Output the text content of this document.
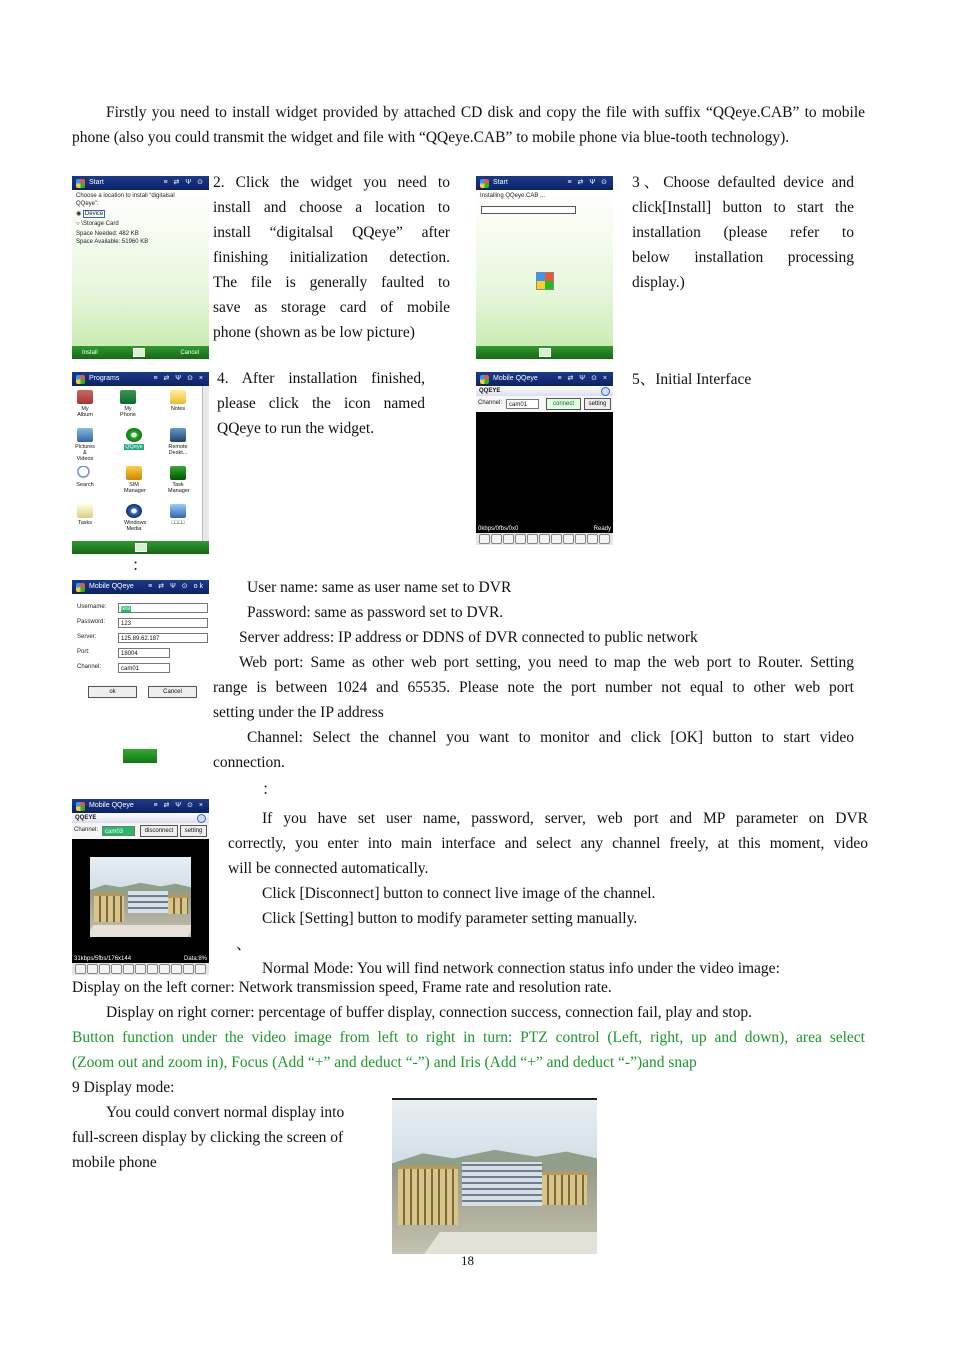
Firstly you need to install widget provided by attached CD disk and copy the file with suffix “QQeye.CAB” to mobile phone (also you could transmit the widget and file with “QQeye.CAB” to mobile phone via blue-tooth technology).
Start	≡ ⇄ Ψ ⊙
Choose a location to install “digitalsal
QQeye”:
◉ Device
○ \Storage Card
Space Needed: 482 KB
Space Available: 51960 KB
Install	Cancel
2. Click the widget you need to
install and choose a location to
install “digitalsal QQeye” after
finishing initialization detection.
The file is generally faulted to
save as storage card of mobile
phone (shown as be low picture)
Start	≡ ⇄ Ψ ⊙
Installing QQeye.CAB ...
3、Choose defaulted device and
click[Install] button to start the
installation (please refer to
below installation processing
display.)
Programs	≡ ⇄ Ψ ⊙ ×
My Album
My Phone
Notes
Pictures & Videos
QQeye	Remote Deskt...
Search	SIM Manager
Task Manager
Tasks	Windows Media
□□□□
4. After installation finished,
please click the icon named
QQeye to run the widget.
Mobile QQeye	≡ ⇄ Ψ ⊙ ×
QQEYE
Channel:	cam01	connect	setting
0kbps/0fbs/0x0	Ready
5、Initial Interface
：
Mobile QQeye ≡ ⇄ Ψ ⊙ ok
Username:	test
Password:	123
Server:	125.89.62.187
Port:	18004
Channel:	cam01
ok	Cancel
User name: same as user name set to DVR
Password: same as password set to DVR.
Server address: IP address or DDNS of DVR connected to public network
Web port: Same as other web port setting, you need to map the web port to Router. Setting
range is between 1024 and 65535. Please note the port number not equal to other web port
setting under the IP address
Channel: Select the channel you want to monitor and click [OK] button to start video
connection.
：
Mobile QQeye	≡ ⇄ Ψ ⊙ ×
QQEYE
Channel:	cam03	disconnect	setting
31kbps/5fbs/176x144	Data:8%
If you have set user name, password, server, web port and MP parameter on DVR
correctly, you enter into main interface and select any channel freely, at this moment, video
will be connected automatically.
Click [Disconnect] button to connect live image of the channel.
Click [Setting] button to modify parameter setting manually.
、
Normal Mode: You will find network connection status info under the video image:
Display on the left corner: Network transmission speed, Frame rate and resolution rate.
Display on right corner: percentage of buffer display, connection success, connection fail, play and stop.
Button function under the video image from left to right in turn: PTZ control (Left, right, up and down), area select
(Zoom out and zoom in), Focus (Add “+” and deduct “-”) and Iris (Add “+” and deduct “-”)and snap
9 Display mode:
You could convert normal display into
full-screen display by clicking the screen of
mobile phone
18
